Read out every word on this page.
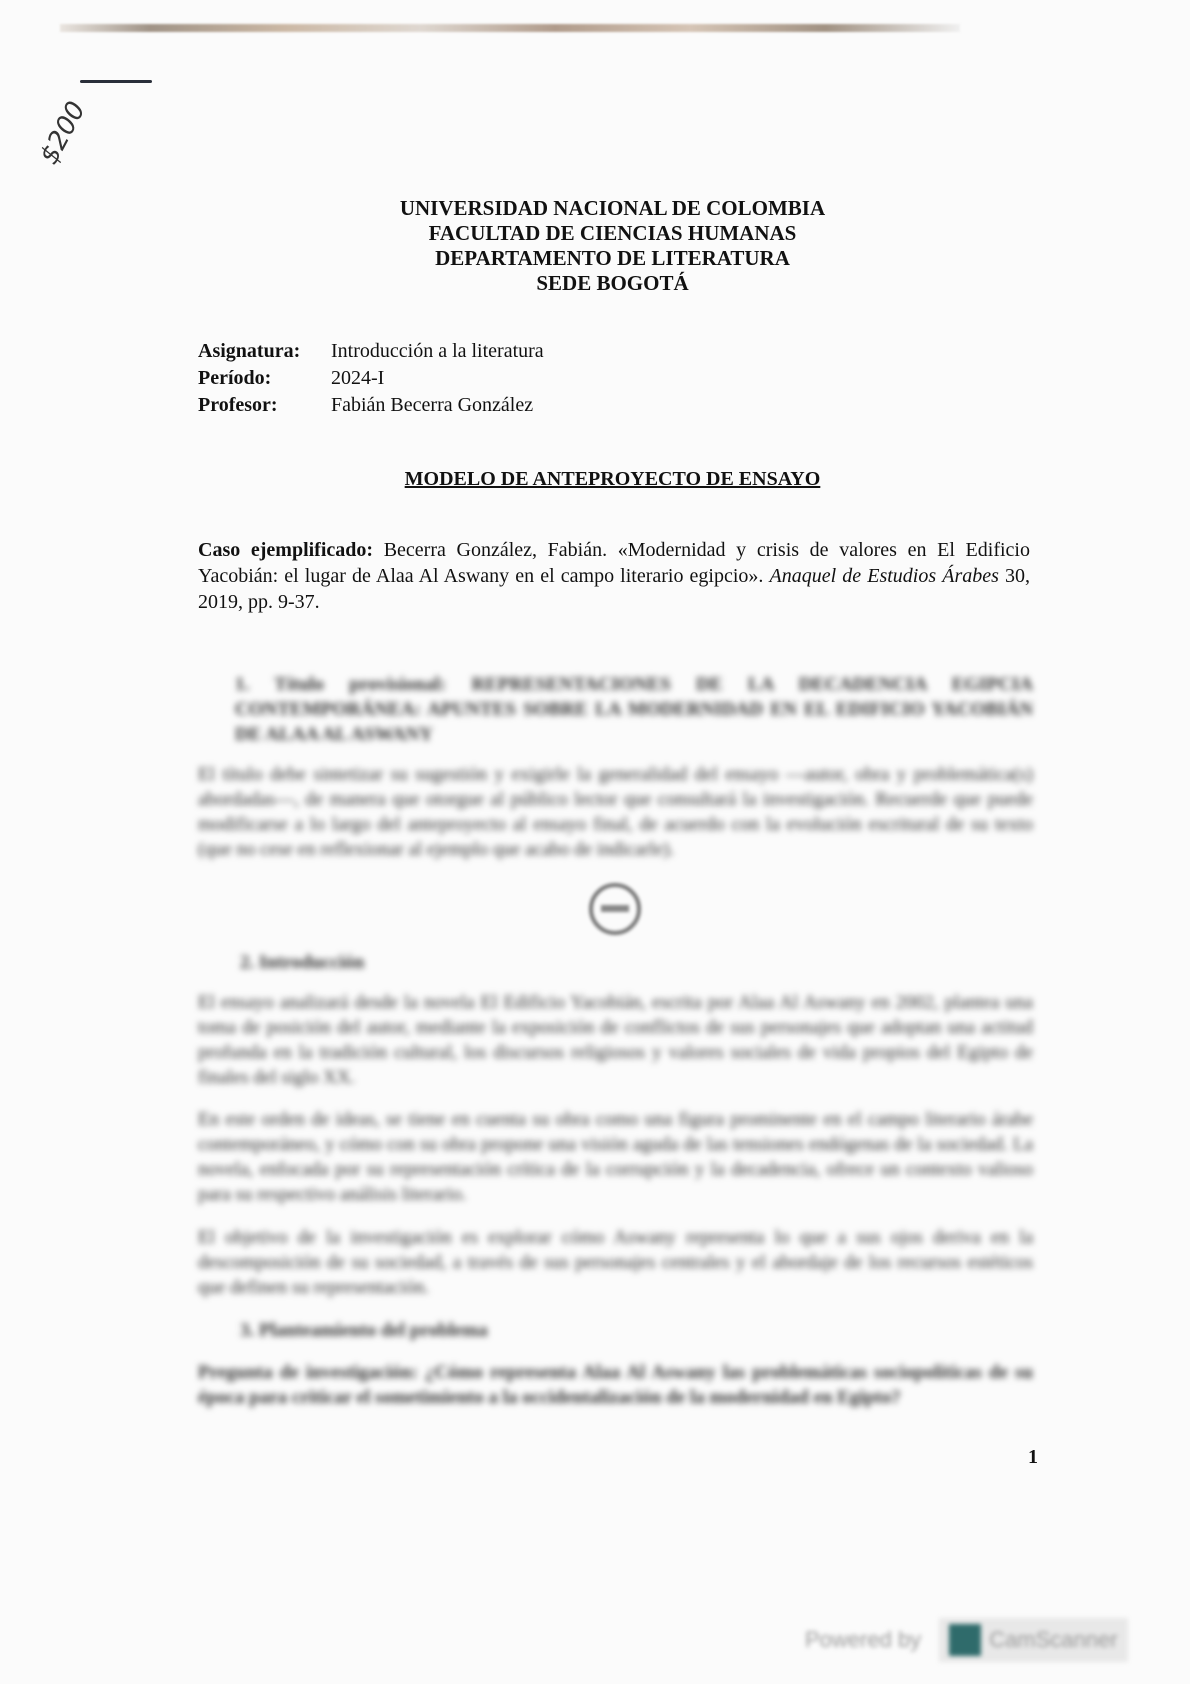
$200
UNIVERSIDAD NACIONAL DE COLOMBIA
FACULTAD DE CIENCIAS HUMANAS
DEPARTAMENTO DE LITERATURA
SEDE BOGOTÁ
Asignatura:	Introducción a la literatura
Período:	2024-I
Profesor:	Fabián Becerra González
MODELO DE ANTEPROYECTO DE ENSAYO
Caso ejemplificado: Becerra González, Fabián. «Modernidad y crisis de valores en El Edificio Yacobián: el lugar de Alaa Al Aswany en el campo literario egipcio». Anaquel de Estudios Árabes 30, 2019, pp. 9-37.
1. Título provisional: REPRESENTACIONES DE LA DECADENCIA EGIPCIA CONTEMPORÁNEA: APUNTES SOBRE LA MODERNIDAD EN EL EDIFICIO YACOBIÁN DE ALAA AL ASWANY
El título debe sintetizar su sugestión y exigirle la generalidad del ensayo —autor, obra y problemática(s) abordadas—, de manera que otorgue al público lector que consultará la investigación. Recuerde que puede modificarse a lo largo del anteproyecto al ensayo final, de acuerdo con la evolución escritural de su texto (que no cese en reflexionar al ejemplo que acabo de indicarle).
2. Introducción
El ensayo analizará desde la novela El Edificio Yacobián, escrita por Alaa Al Aswany en 2002, plantea una toma de posición del autor, mediante la exposición de conflictos de sus personajes que adoptan una actitud profunda en la tradición cultural, los discursos religiosos y valores sociales de vida propios del Egipto de finales del siglo XX.
En este orden de ideas, se tiene en cuenta su obra como una figura prominente en el campo literario árabe contemporáneo, y cómo con su obra propone una visión aguda de las tensiones endógenas de la sociedad. La novela, enfocada por su representación crítica de la corrupción y la decadencia, ofrece un contexto valioso para su respectivo análisis literario.
El objetivo de la investigación es explorar cómo Aswany representa lo que a sus ojos deriva en la descomposición de su sociedad, a través de sus personajes centrales y el abordaje de los recursos estéticos que definen su representación.
3. Planteamiento del problema
Pregunta de investigación: ¿Cómo representa Alaa Al Aswany las problemáticas sociopolíticas de su época para criticar el sometimiento a la occidentalización de la modernidad en Egipto?
1
Powered by	CamScanner
